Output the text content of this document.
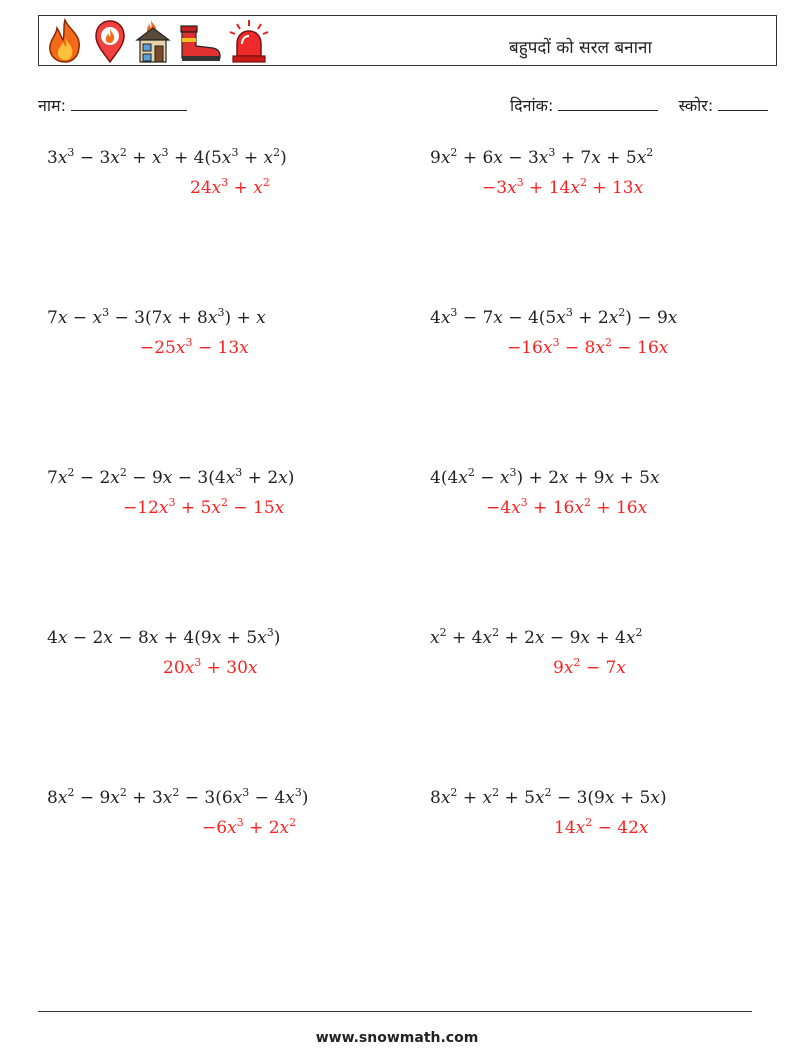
बहुपदों को सरल बनाना
नाम:	दिनांक:	स्कोर:
$3x^3 - 3x^2 + x^3 + 4(5x^3 + x^2)$
$24x^3 + x^2$
$9x^2 + 6x - 3x^3 + 7x + 5x^2$
$-3x^3 + 14x^2 + 13x$
$7x - x^3 - 3(7x + 8x^3) + x$
$-25x^3 - 13x$
$4x^3 - 7x - 4(5x^3 + 2x^2) - 9x$
$-16x^3 - 8x^2 - 16x$
$7x^2 - 2x^2 - 9x - 3(4x^3 + 2x)$
$-12x^3 + 5x^2 - 15x$
$4(4x^2 - x^3) + 2x + 9x + 5x$
$-4x^3 + 16x^2 + 16x$
$4x - 2x - 8x + 4(9x + 5x^3)$
$20x^3 + 30x$
$x^2 + 4x^2 + 2x - 9x + 4x^2$
$9x^2 - 7x$
$8x^2 - 9x^2 + 3x^2 - 3(6x^3 - 4x^3)$
$-6x^3 + 2x^2$
$8x^2 + x^2 + 5x^2 - 3(9x + 5x)$
$14x^2 - 42x$
www.snowmath.com
